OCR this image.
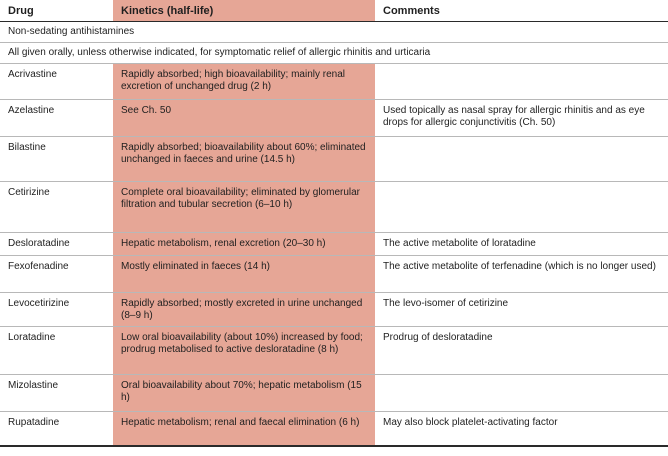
Drug	Kinetics (half-life)	Comments
Non-sedating antihistamines		
All given orally, unless otherwise indicated, for symptomatic relief of allergic rhinitis and urticaria		
Acrivastine	Rapidly absorbed; high bioavailability; mainly renal excretion of unchanged drug (2 h)	
Azelastine	See Ch. 50	Used topically as nasal spray for allergic rhinitis and as eye drops for allergic conjunctivitis (Ch. 50)
Bilastine	Rapidly absorbed; bioavailability about 60%; eliminated unchanged in faeces and urine (14.5 h)	
Cetirizine	Complete oral bioavailability; eliminated by glomerular filtration and tubular secretion (6–10 h)	
Desloratadine	Hepatic metabolism, renal excretion (20–30 h)	The active metabolite of loratadine
Fexofenadine	Mostly eliminated in faeces (14 h)	The active metabolite of terfenadine (which is no longer used)
Levocetirizine	Rapidly absorbed; mostly excreted in urine unchanged (8–9 h)	The levo-isomer of cetirizine
Loratadine	Low oral bioavailability (about 10%) increased by food; prodrug metabolised to active desloratadine (8 h)	Prodrug of desloratadine
Mizolastine	Oral bioavailability about 70%; hepatic metabolism (15 h)	
Rupatadine	Hepatic metabolism; renal and faecal elimination (6 h)	May also block platelet-activating factor
